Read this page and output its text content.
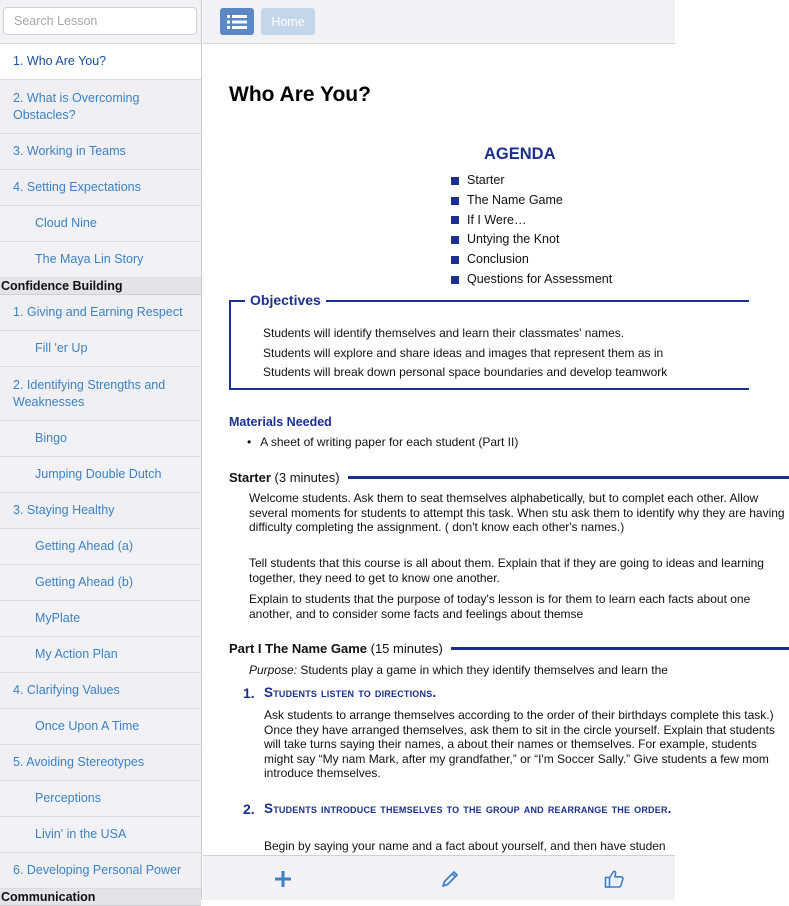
Search Lesson
1. Who Are You?
2. What is Overcoming Obstacles?
3. Working in Teams
4. Setting Expectations
Cloud Nine
The Maya Lin Story
Confidence Building
1. Giving and Earning Respect
Fill 'er Up
2. Identifying Strengths and Weaknesses
Bingo
Jumping Double Dutch
3. Staying Healthy
Getting Ahead (a)
Getting Ahead (b)
MyPlate
My Action Plan
4. Clarifying Values
Once Upon A Time
5. Avoiding Stereotypes
Perceptions
Livin' in the USA
6. Developing Personal Power
Communication
Home
Who Are You?
AGENDA
Starter
The Name Game
If I Were…
Untying the Knot
Conclusion
Questions for Assessment
Objectives
Students will identify themselves and learn their classmates' names.
Students will explore and share ideas and images that represent them as in
Students will break down personal space boundaries and develop teamwork
Materials Needed
• A sheet of writing paper for each student (Part II)
Starter (3 minutes)

Welcome students. Ask them to seat themselves alphabetically, but to complet each other. Allow several moments for students to attempt this task. When stu ask them to identify why they are having difficulty completing the assignment. ( don't know each other's names.)

Tell students that this course is all about them. Explain that if they are going to ideas and learning together, they need to get to know one another.

Explain to students that the purpose of today's lesson is for them to learn each facts about one another, and to consider some facts and feelings about themse

Part I The Name Game (15 minutes)

Purpose: Students play a game in which they identify themselves and learn the

1. Students listen to directions.

Ask students to arrange themselves according to the order of their birthdays complete this task.) Once they have arranged themselves, ask them to sit in the circle yourself. Explain that students will take turns saying their names, a about their names or themselves. For example, students might say “My nam Mark, after my grandfather,” or “I'm Soccer Sally.” Give students a few mom introduce themselves.

2. Students introduce themselves to the group and rearrange the order.

Begin by saying your name and a fact about yourself, and then have studen
